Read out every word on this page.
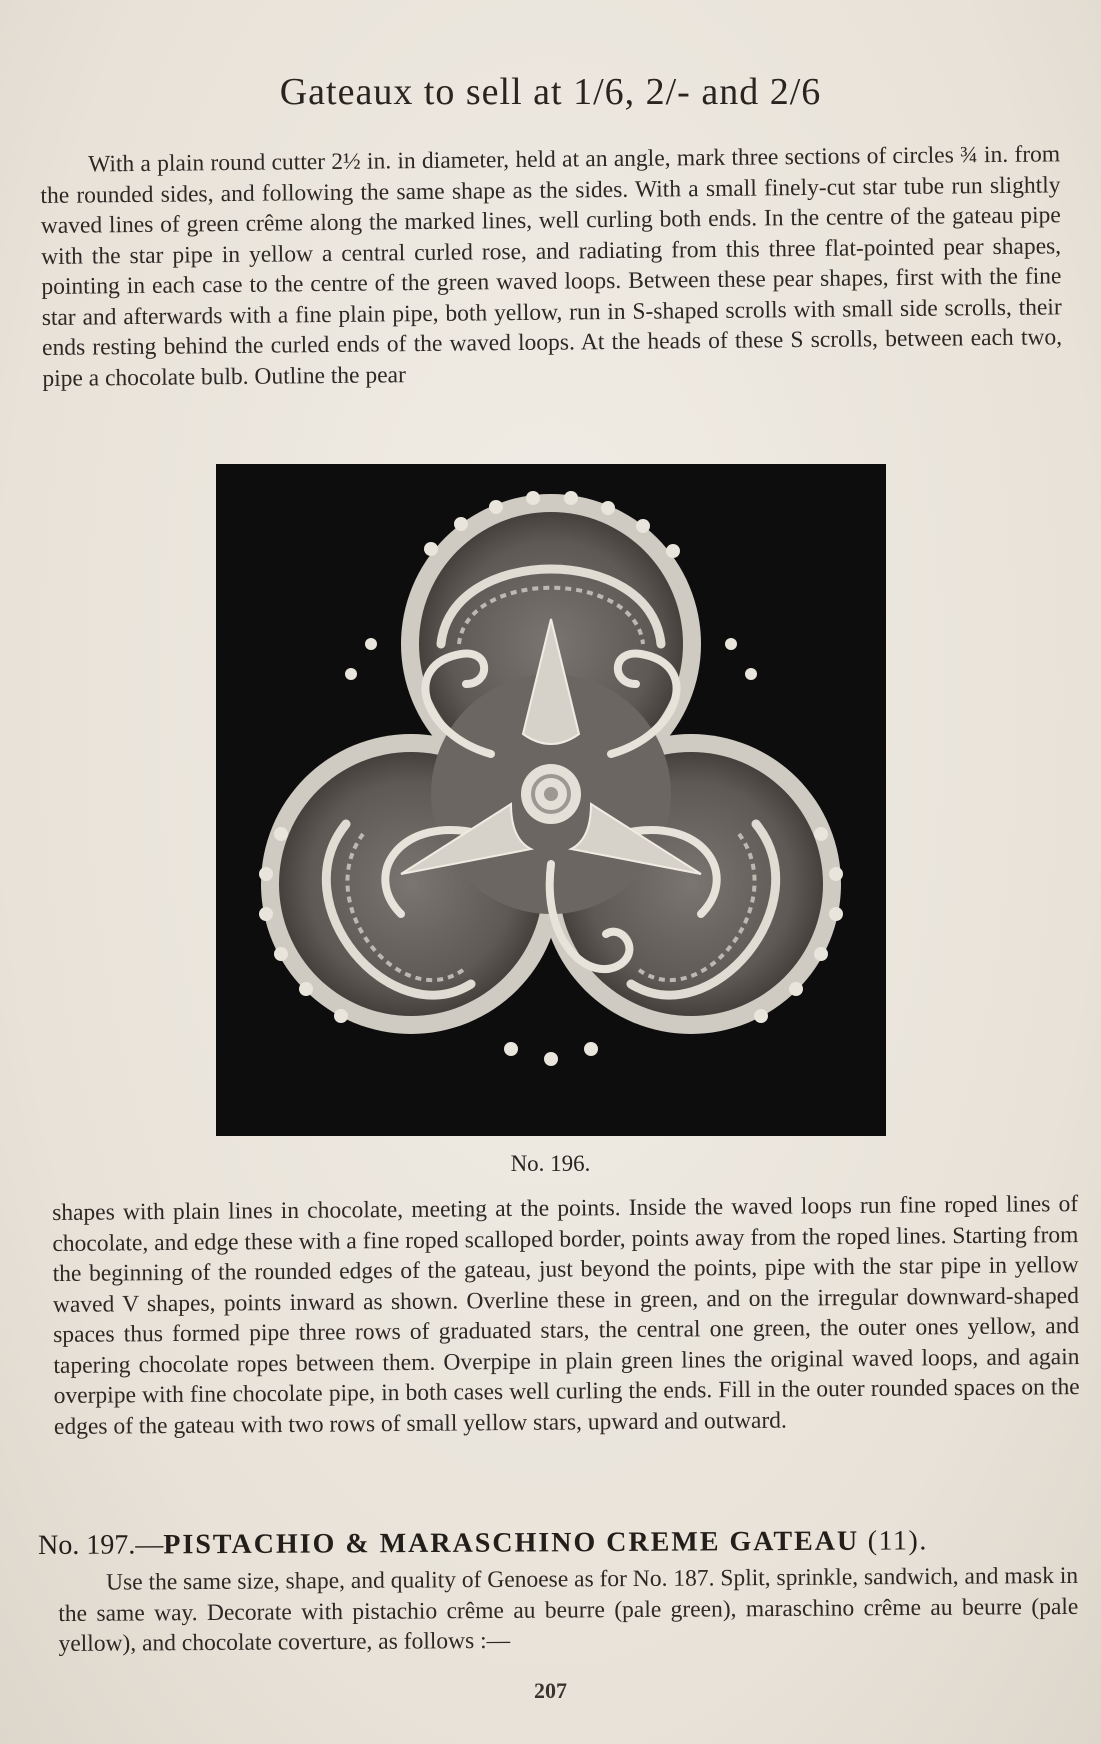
Gateaux to sell at 1/6, 2/- and 2/6

With a plain round cutter 2½ in. in diameter, held at an angle, mark three sections of circles ¾ in. from the rounded sides, and following the same shape as the sides. With a small finely-cut star tube run slightly waved lines of green crême along the marked lines, well curling both ends. In the centre of the gateau pipe with the star pipe in yellow a central curled rose, and radiating from this three flat-pointed pear shapes, pointing in each case to the centre of the green waved loops. Between these pear shapes, first with the fine star and afterwards with a fine plain pipe, both yellow, run in S-shaped scrolls with small side scrolls, their ends resting behind the curled ends of the waved loops. At the heads of these S scrolls, between each two, pipe a chocolate bulb. Outline the pear

No. 196.

shapes with plain lines in chocolate, meeting at the points. Inside the waved loops run fine roped lines of chocolate, and edge these with a fine roped scalloped border, points away from the roped lines. Starting from the beginning of the rounded edges of the gateau, just beyond the points, pipe with the star pipe in yellow waved V shapes, points inward as shown. Overline these in green, and on the irregular downward-shaped spaces thus formed pipe three rows of graduated stars, the central one green, the outer ones yellow, and tapering chocolate ropes between them. Overpipe in plain green lines the original waved loops, and again overpipe with fine chocolate pipe, in both cases well curling the ends. Fill in the outer rounded spaces on the edges of the gateau with two rows of small yellow stars, upward and outward.

No. 197.—PISTACHIO & MARASCHINO CREME GATEAU (11).

Use the same size, shape, and quality of Genoese as for No. 187. Split, sprinkle, sandwich, and mask in the same way. Decorate with pistachio crême au beurre (pale green), maraschino crême au beurre (pale yellow), and chocolate coverture, as follows :—

207
